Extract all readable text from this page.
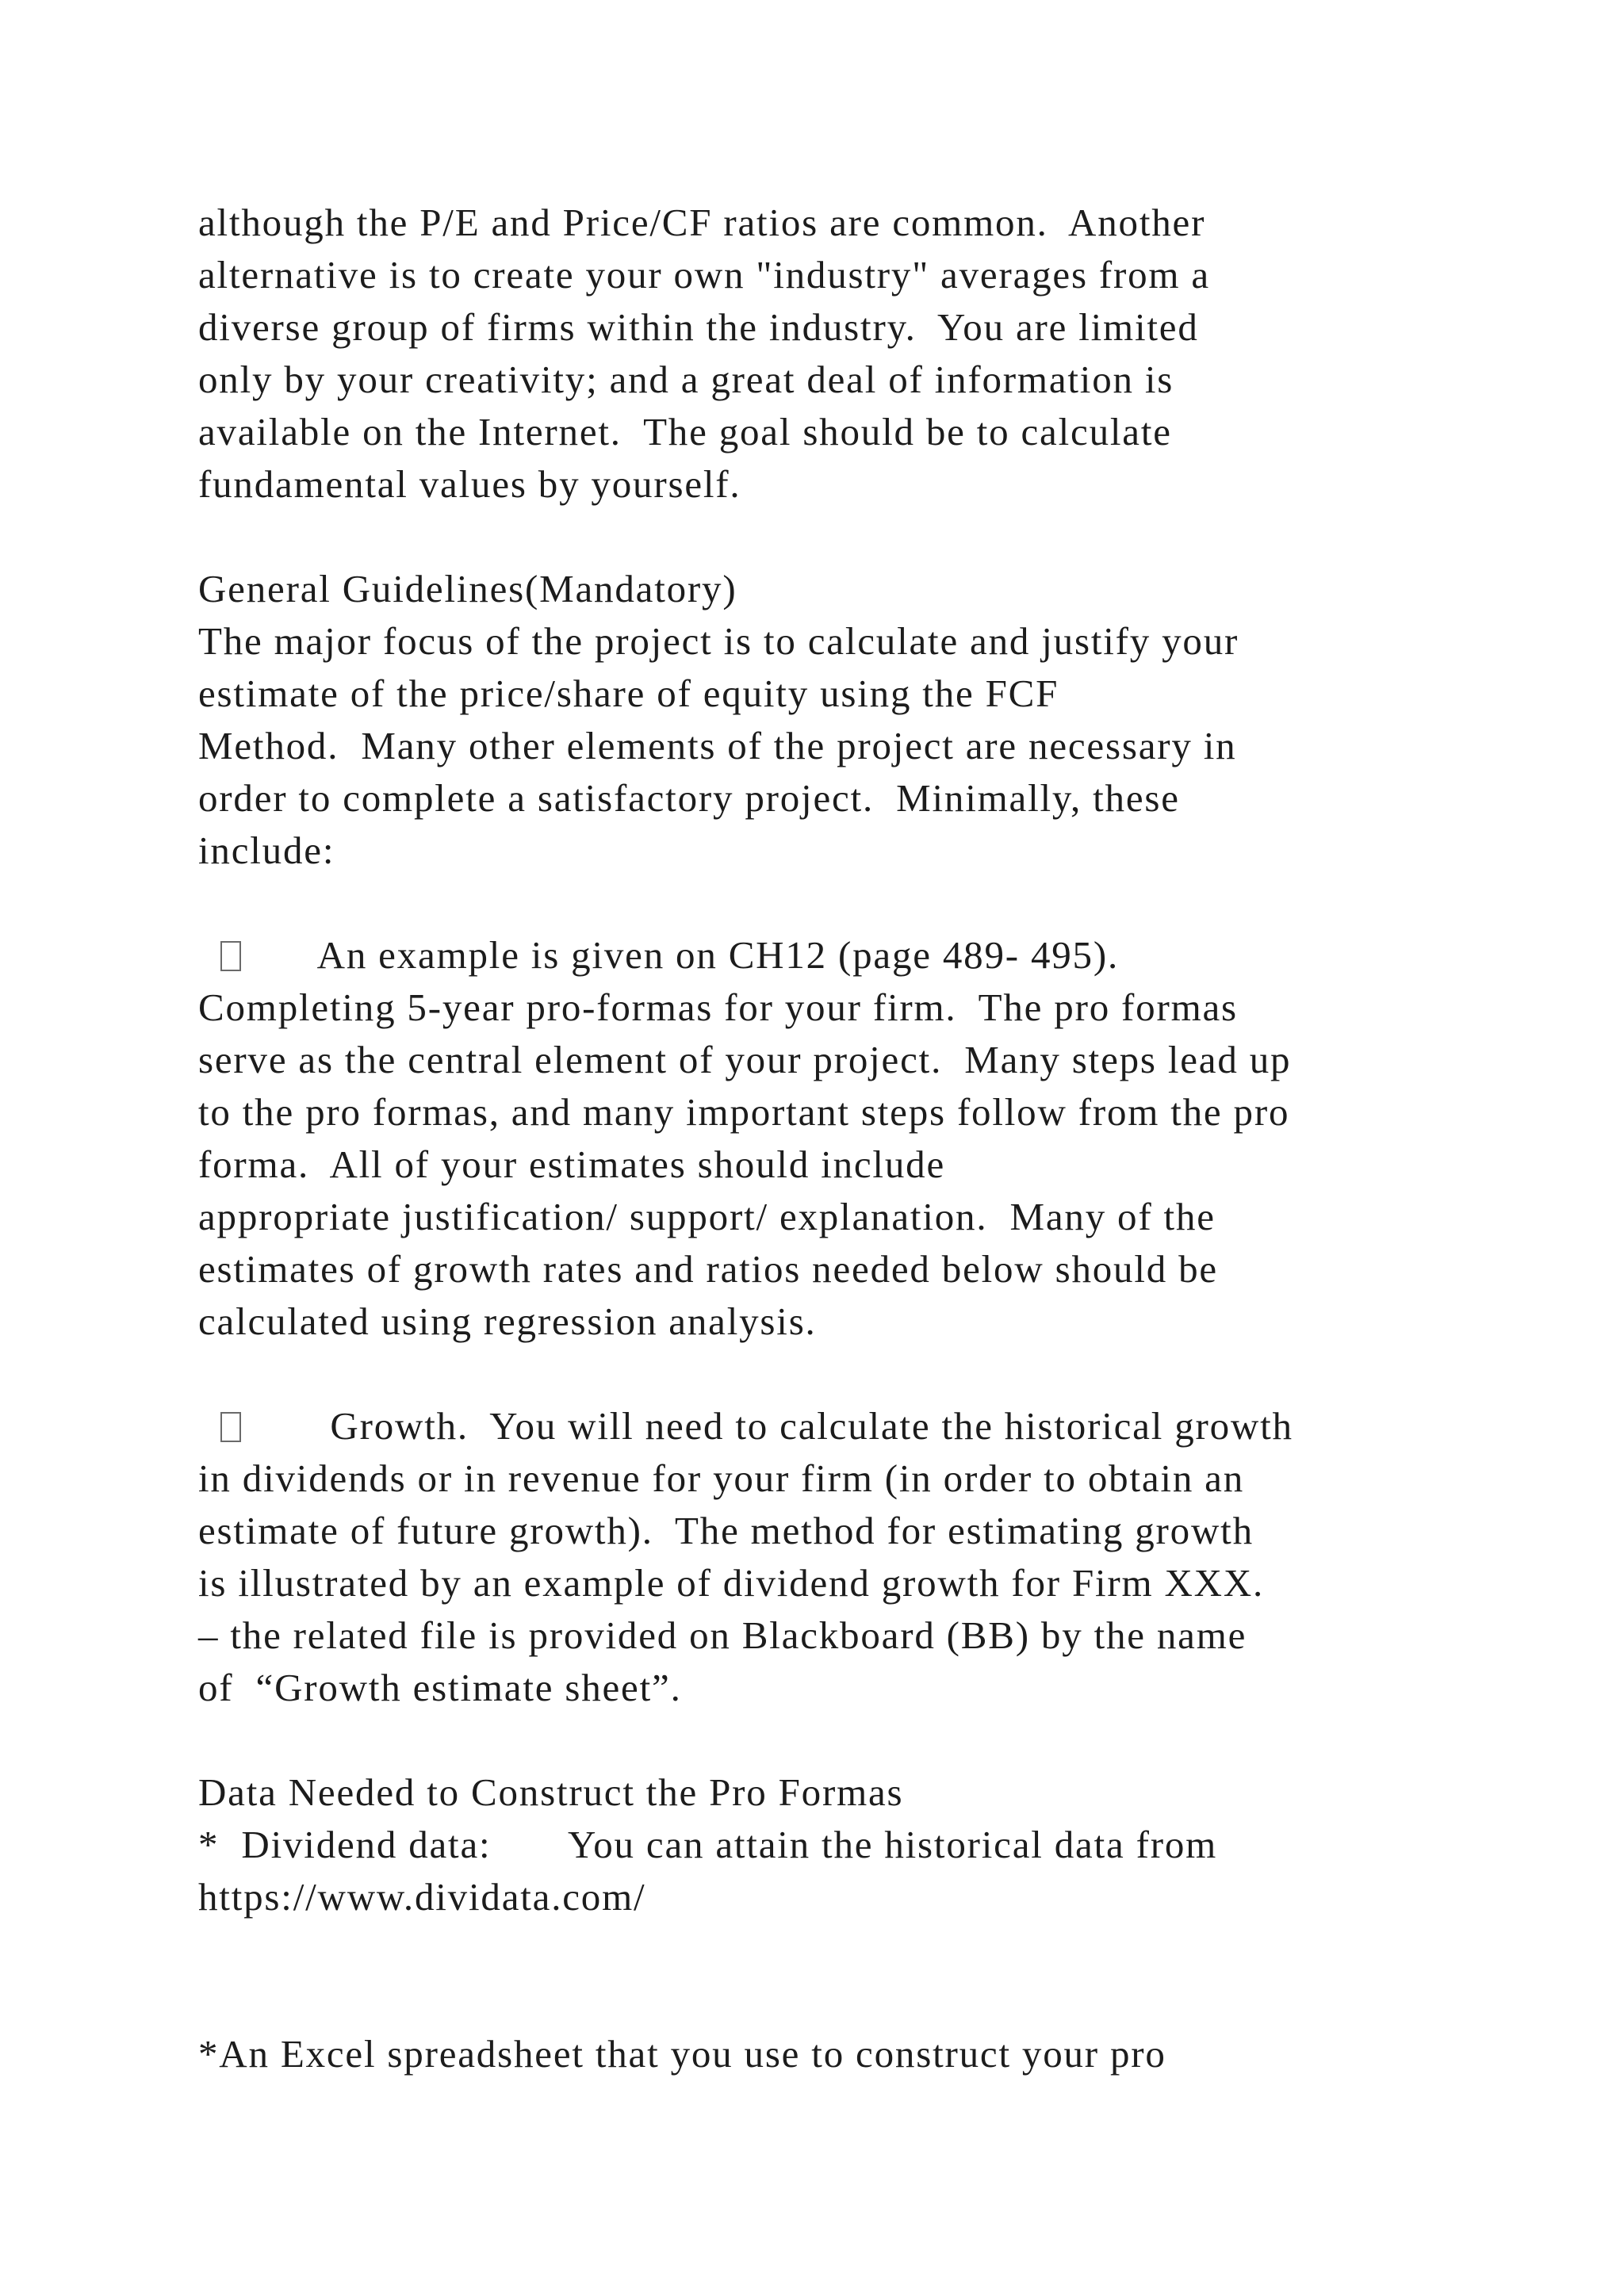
although the P/E and Price/CF ratios are common.  Another
alternative is to create your own "industry" averages from a
diverse group of firms within the industry.  You are limited
only by your creativity; and a great deal of information is
available on the Internet.  The goal should be to calculate
fundamental values by yourself.
General Guidelines(Mandatory)
The major focus of the project is to calculate and justify your
estimate of the price/share of equity using the FCF
Method.  Many other elements of the project are necessary in
order to complete a satisfactory project.  Minimally, these
include:
An example is given on CH12 (page 489- 495).
Completing 5-year pro-formas for your firm.  The pro formas
serve as the central element of your project.  Many steps lead up
to the pro formas, and many important steps follow from the pro
forma.  All of your estimates should include
appropriate justification/ support/ explanation.  Many of the
estimates of growth rates and ratios needed below should be
calculated using regression analysis.
Growth.  You will need to calculate the historical growth
in dividends or in revenue for your firm (in order to obtain an
estimate of future growth).  The method for estimating growth
is illustrated by an example of dividend growth for Firm XXX.
– the related file is provided on Blackboard (BB) by the name
of  “Growth estimate sheet”.
Data Needed to Construct the Pro Formas
*  Dividend data:       You can attain the historical data from
https://www.dividata.com/
*An Excel spreadsheet that you use to construct your pro
